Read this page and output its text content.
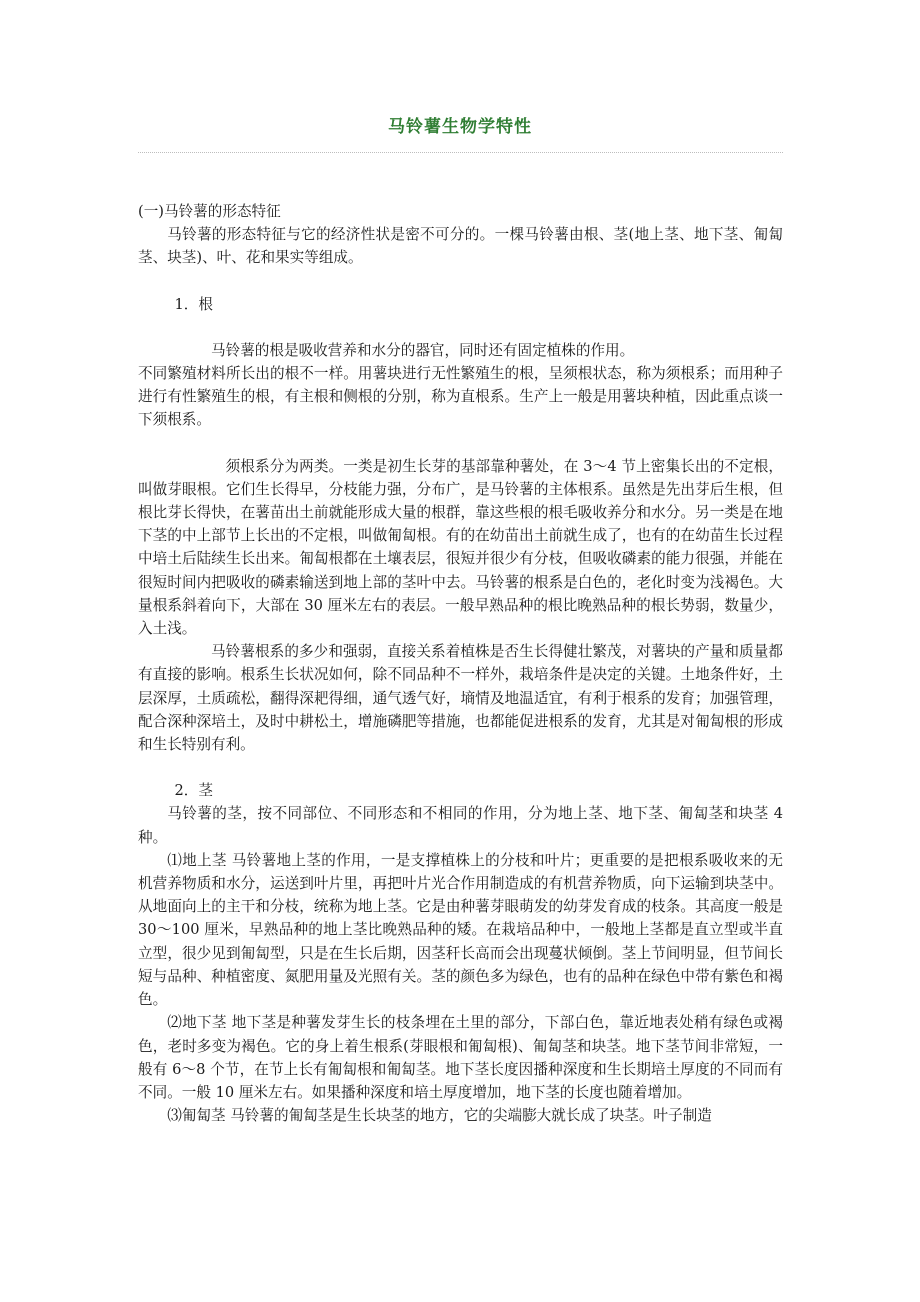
马铃薯生物学特性

(一)马铃薯的形态特征

马铃薯的形态特征与它的经济性状是密不可分的。一棵马铃薯由根、茎(地上茎、地下茎、匍匐茎、块茎)、叶、花和果实等组成。

1．根

马铃薯的根是吸收营养和水分的器官，同时还有固定植株的作用。

不同繁殖材料所长出的根不一样。用薯块进行无性繁殖生的根，呈须根状态，称为须根系；而用种子进行有性繁殖生的根，有主根和侧根的分别，称为直根系。生产上一般是用薯块种植，因此重点谈一下须根系。

须根系分为两类。一类是初生长芽的基部靠种薯处，在 3～4 节上密集长出的不定根，叫做芽眼根。它们生长得早，分枝能力强，分布广，是马铃薯的主体根系。虽然是先出芽后生根，但根比芽长得快，在薯苗出土前就能形成大量的根群，靠这些根的根毛吸收养分和水分。另一类是在地下茎的中上部节上长出的不定根，叫做匍匐根。有的在幼苗出土前就生成了，也有的在幼苗生长过程中培土后陆续生长出来。匍匐根都在土壤表层，很短并很少有分枝，但吸收磷素的能力很强，并能在很短时间内把吸收的磷素输送到地上部的茎叶中去。马铃薯的根系是白色的，老化时变为浅褐色。大量根系斜着向下，大部在 30 厘米左右的表层。一般早熟品种的根比晚熟品种的根长势弱，数量少，入土浅。

马铃薯根系的多少和强弱，直接关系着植株是否生长得健壮繁茂，对薯块的产量和质量都有直接的影响。根系生长状况如何，除不同品种不一样外，栽培条件是决定的关键。土地条件好，土层深厚，土质疏松，翻得深耙得细，通气透气好，墒情及地温适宜，有利于根系的发育；加强管理，配合深种深培土，及时中耕松土，增施磷肥等措施，也都能促进根系的发育，尤其是对匍匐根的形成和生长特别有利。

2．茎

马铃薯的茎，按不同部位、不同形态和不相同的作用，分为地上茎、地下茎、匍匐茎和块茎 4 种。

⑴地上茎 马铃薯地上茎的作用，一是支撑植株上的分枝和叶片；更重要的是把根系吸收来的无机营养物质和水分，运送到叶片里，再把叶片光合作用制造成的有机营养物质，向下运输到块茎中。从地面向上的主干和分枝，统称为地上茎。它是由种薯芽眼萌发的幼芽发育成的枝条。其高度一般是 30～100 厘米，早熟品种的地上茎比晚熟品种的矮。在栽培品种中，一般地上茎都是直立型或半直立型，很少见到匍匐型，只是在生长后期，因茎秆长高而会出现蔓状倾倒。茎上节间明显，但节间长短与品种、种植密度、氮肥用量及光照有关。茎的颜色多为绿色，也有的品种在绿色中带有紫色和褐色。

⑵地下茎 地下茎是种薯发芽生长的枝条埋在土里的部分，下部白色，靠近地表处稍有绿色或褐色，老时多变为褐色。它的身上着生根系(芽眼根和匍匐根)、匍匐茎和块茎。地下茎节间非常短，一般有 6～8 个节，在节上长有匍匐根和匍匐茎。地下茎长度因播种深度和生长期培土厚度的不同而有不同。一般 10 厘米左右。如果播种深度和培土厚度增加，地下茎的长度也随着增加。

⑶匍匐茎 马铃薯的匍匐茎是生长块茎的地方，它的尖端膨大就长成了块茎。叶子制造
